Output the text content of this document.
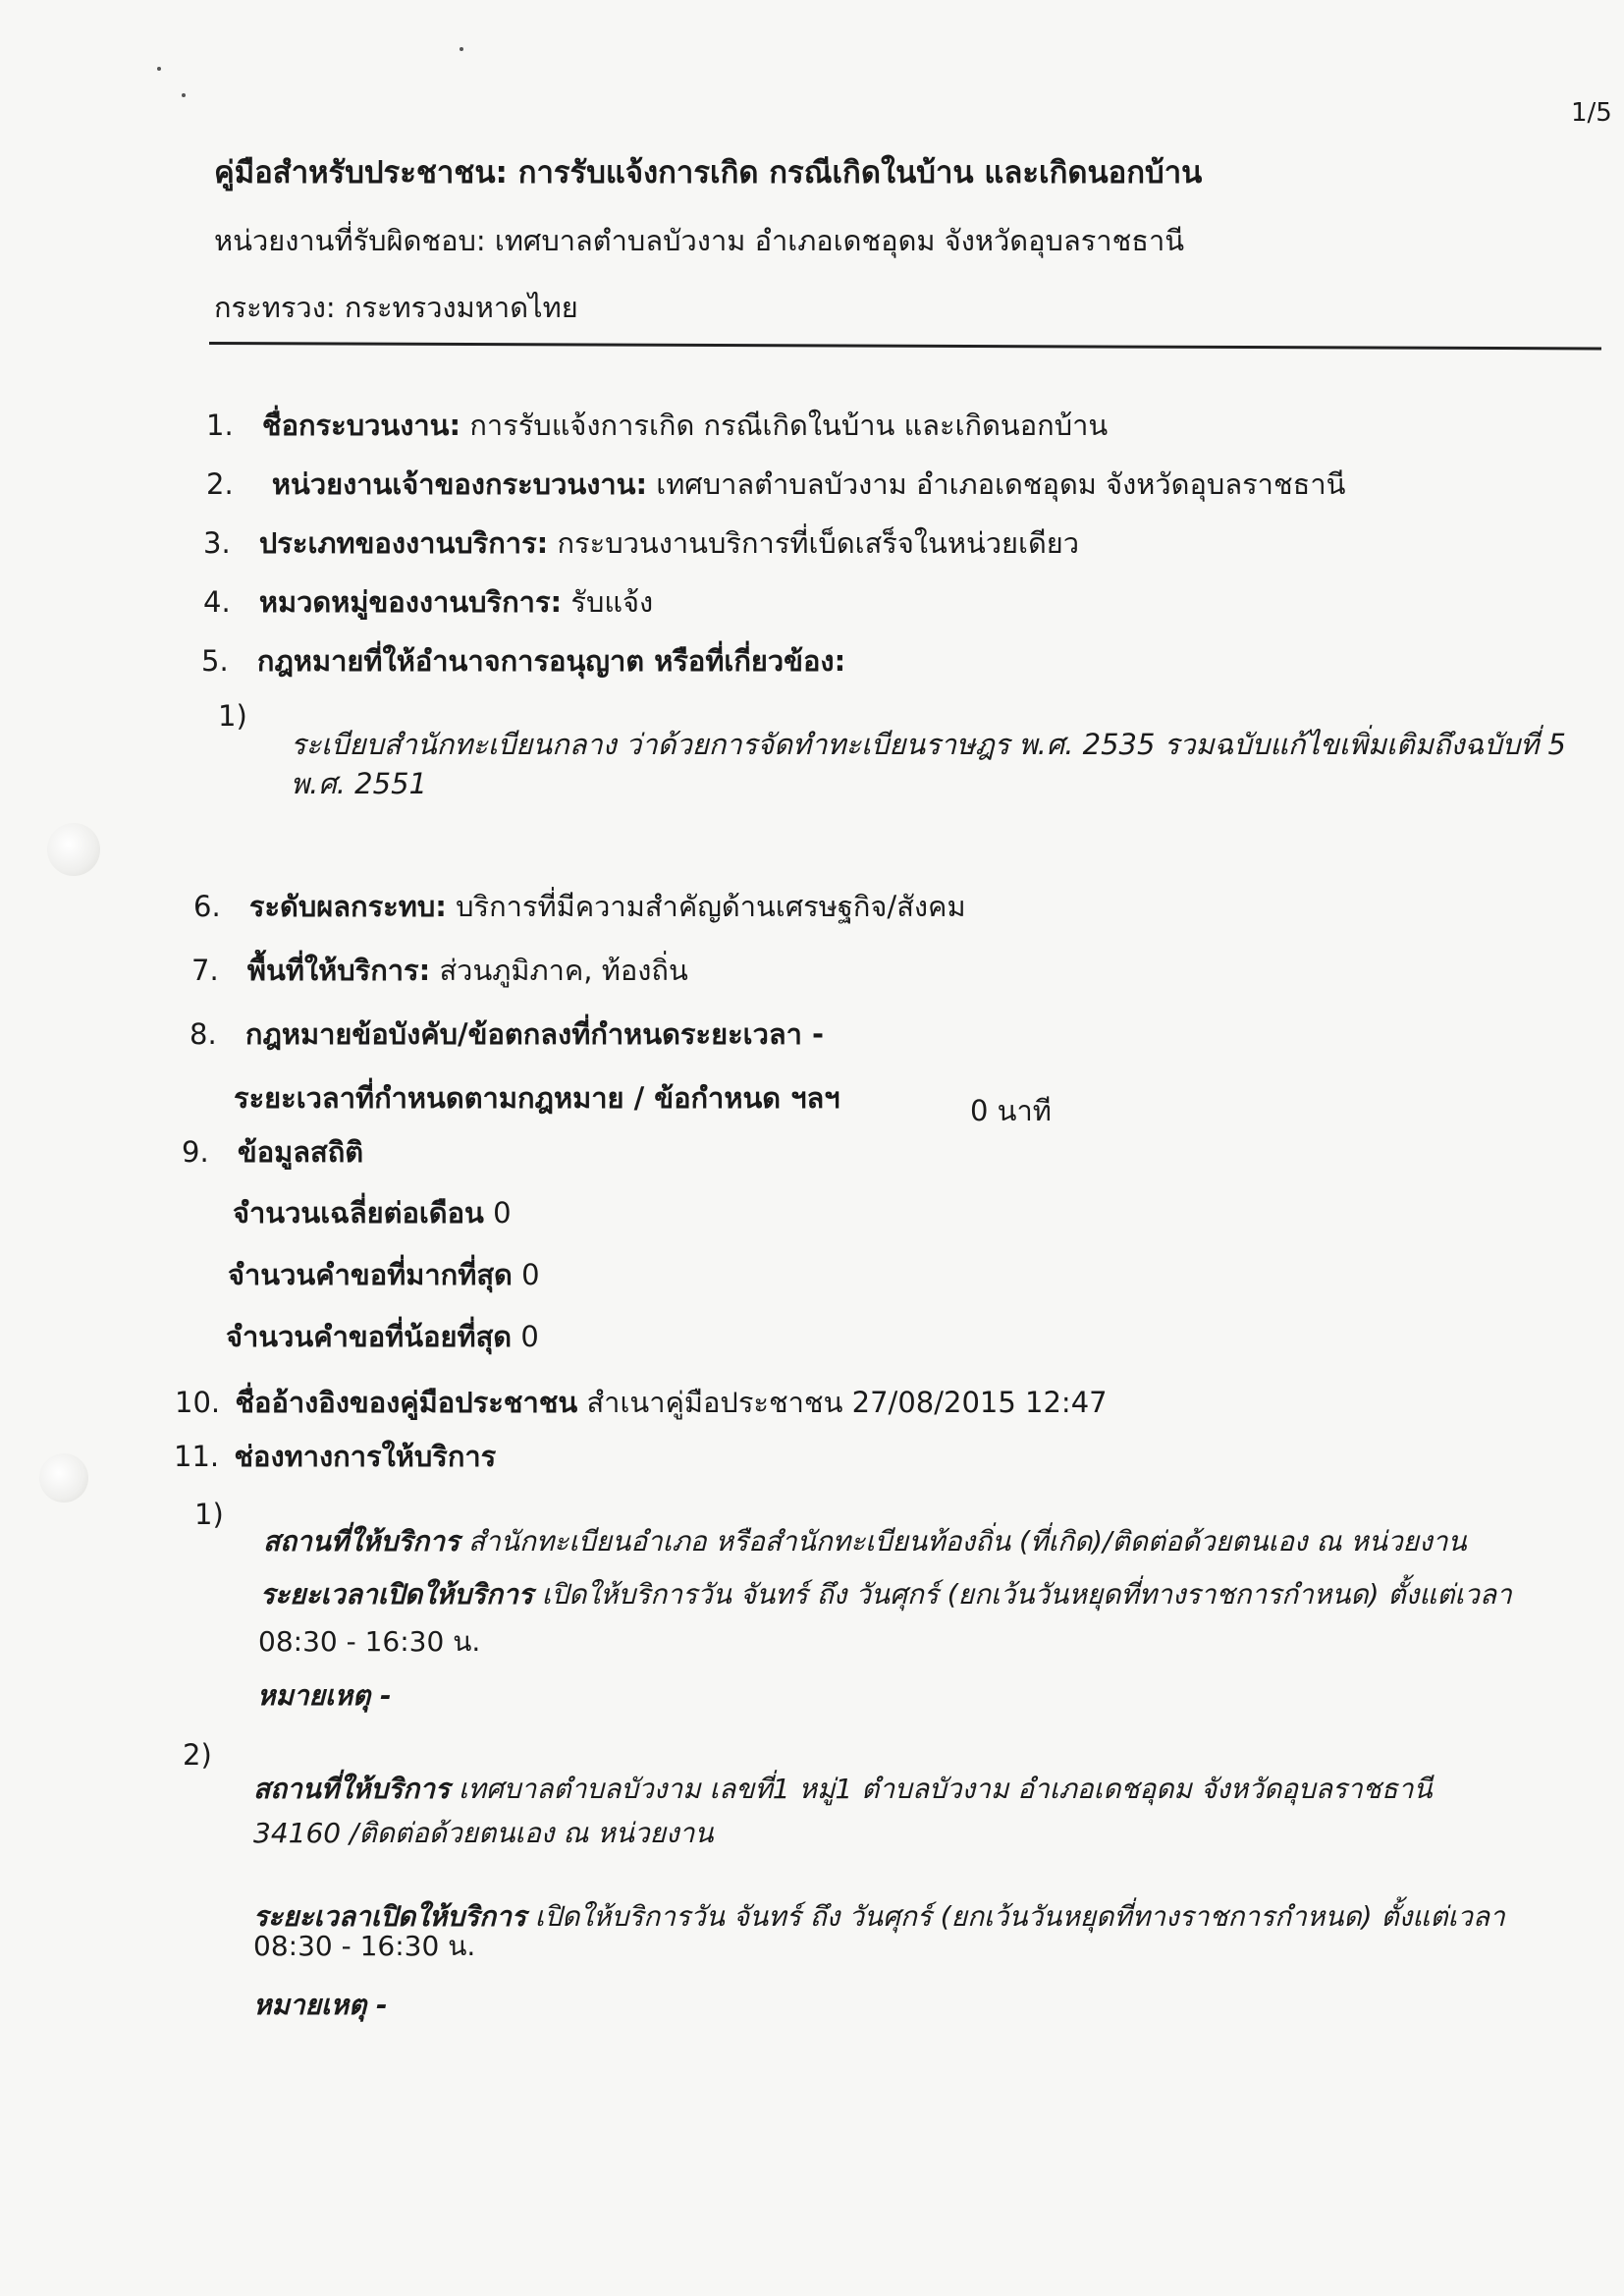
1/5
คู่มือสำหรับประชาชน: การรับแจ้งการเกิด กรณีเกิดในบ้าน และเกิดนอกบ้าน
หน่วยงานที่รับผิดชอบ: เทศบาลตำบลบัวงาม อำเภอเดชอุดม จังหวัดอุบลราชธานี
กระทรวง: กระทรวงมหาดไทย
1. ชื่อกระบวนงาน: การรับแจ้งการเกิด กรณีเกิดในบ้าน และเกิดนอกบ้าน
2. หน่วยงานเจ้าของกระบวนงาน: เทศบาลตำบลบัวงาม อำเภอเดชอุดม จังหวัดอุบลราชธานี
3. ประเภทของงานบริการ: กระบวนงานบริการที่เบ็ดเสร็จในหน่วยเดียว
4. หมวดหมู่ของงานบริการ: รับแจ้ง
5. กฎหมายที่ให้อำนาจการอนุญาต หรือที่เกี่ยวข้อง:
1)
ระเบียบสำนักทะเบียนกลาง ว่าด้วยการจัดทำทะเบียนราษฎร พ.ศ. 2535 รวมฉบับแก้ไขเพิ่มเติมถึงฉบับที่ 5
พ.ศ. 2551
6. ระดับผลกระทบ: บริการที่มีความสำคัญด้านเศรษฐกิจ/สังคม
7. พื้นที่ให้บริการ: ส่วนภูมิภาค, ท้องถิ่น
8. กฎหมายข้อบังคับ/ข้อตกลงที่กำหนดระยะเวลา -
ระยะเวลาที่กำหนดตามกฎหมาย / ข้อกำหนด ฯลฯ	0 นาที
9. ข้อมูลสถิติ
จำนวนเฉลี่ยต่อเดือน 0
จำนวนคำขอที่มากที่สุด 0
จำนวนคำขอที่น้อยที่สุด 0
10. ชื่ออ้างอิงของคู่มือประชาชน สำเนาคู่มือประชาชน 27/08/2015 12:47
11. ช่องทางการให้บริการ
1)
สถานที่ให้บริการ สำนักทะเบียนอำเภอ หรือสำนักทะเบียนท้องถิ่น (ที่เกิด)/ติดต่อด้วยตนเอง ณ หน่วยงาน
ระยะเวลาเปิดให้บริการ เปิดให้บริการวัน จันทร์ ถึง วันศุกร์ (ยกเว้นวันหยุดที่ทางราชการกำหนด) ตั้งแต่เวลา
08:30 - 16:30 น.
หมายเหตุ -
2)
สถานที่ให้บริการ เทศบาลตำบลบัวงาม เลขที่1 หมู่1 ตำบลบัวงาม อำเภอเดชอุดม จังหวัดอุบลราชธานี
34160 /ติดต่อด้วยตนเอง ณ หน่วยงาน
ระยะเวลาเปิดให้บริการ เปิดให้บริการวัน จันทร์ ถึง วันศุกร์ (ยกเว้นวันหยุดที่ทางราชการกำหนด) ตั้งแต่เวลา
08:30 - 16:30 น.
หมายเหตุ -
